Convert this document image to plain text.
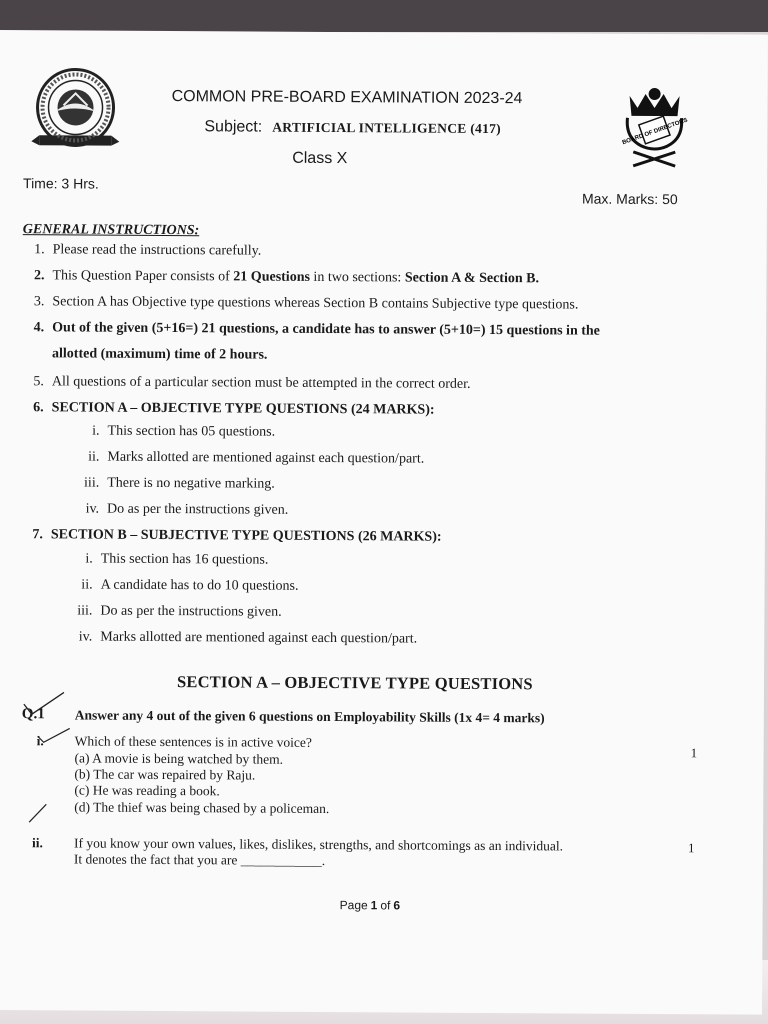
BOARD OF DIRECTORS
COMMON PRE-BOARD EXAMINATION 2023-24
Subject: ARTIFICIAL INTELLIGENCE (417)
Class X
Time: 3 Hrs.
Max. Marks: 50
GENERAL INSTRUCTIONS:
1. Please read the instructions carefully.
2. This Question Paper consists of 21 Questions in two sections: Section A & Section B.
3. Section A has Objective type questions whereas Section B contains Subjective type questions.
4. Out of the given (5+16=) 21 questions, a candidate has to answer (5+10=) 15 questions in the
allotted (maximum) time of 2 hours.
5. All questions of a particular section must be attempted in the correct order.
6. SECTION A – OBJECTIVE TYPE QUESTIONS (24 MARKS):
i. This section has 05 questions.
ii. Marks allotted are mentioned against each question/part.
iii. There is no negative marking.
iv. Do as per the instructions given.
7. SECTION B – SUBJECTIVE TYPE QUESTIONS (26 MARKS):
i. This section has 16 questions.
ii. A candidate has to do 10 questions.
iii. Do as per the instructions given.
iv. Marks allotted are mentioned against each question/part.
SECTION A – OBJECTIVE TYPE QUESTIONS
Q.1 Answer any 4 out of the given 6 questions on Employability Skills (1x 4= 4 marks)
i. Which of these sentences is in active voice?
(a) A movie is being watched by them.
(b) The car was repaired by Raju.
(c) He was reading a book.
(d) The thief was being chased by a policeman.
1
ii. If you know your own values, likes, dislikes, strengths, and shortcomings as an individual.
It denotes the fact that you are ____________.
1
Page 1 of 6
